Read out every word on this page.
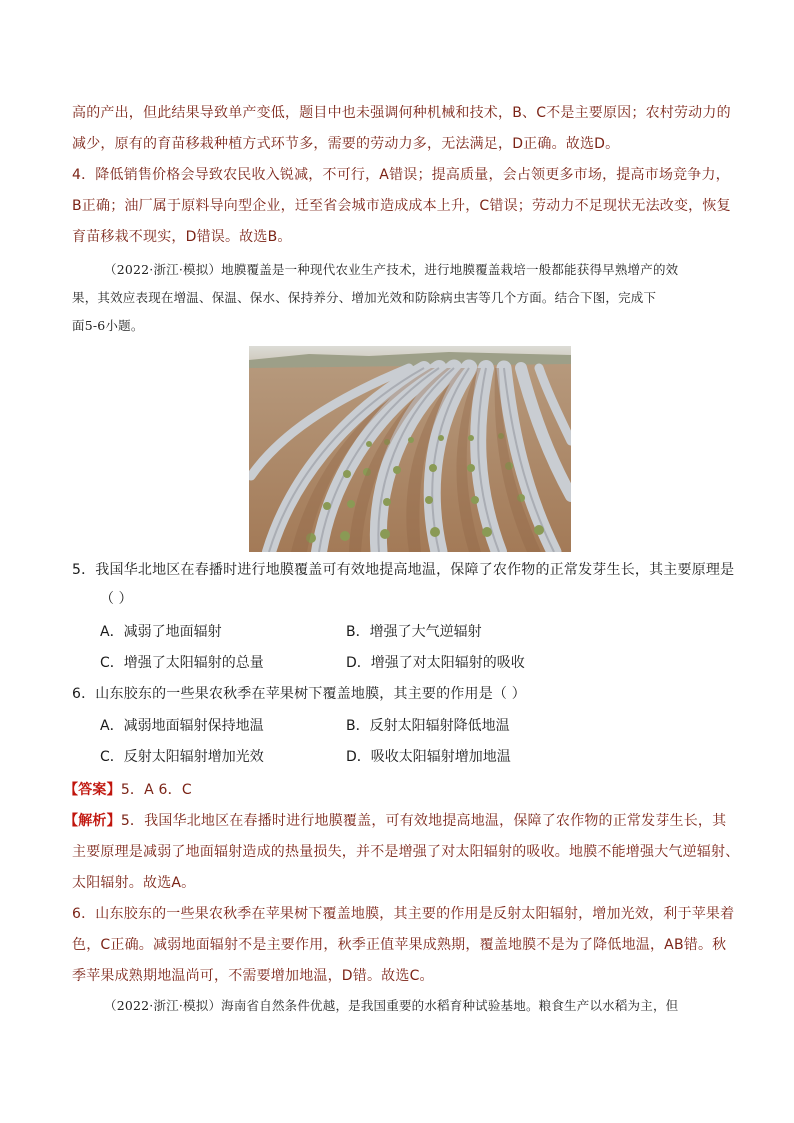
高的产出，但此结果导致单产变低，题目中也未强调何种机械和技术，B、C不是主要原因；农村劳动力的
减少，原有的育苗移栽种植方式环节多，需要的劳动力多，无法满足，D正确。故选D。
4．降低销售价格会导致农民收入锐减，不可行，A错误；提高质量，会占领更多市场，提高市场竞争力，
B正确；油厂属于原料导向型企业，迁至省会城市造成成本上升，C错误；劳动力不足现状无法改变，恢复
育苗移栽不现实，D错误。故选B。
（2022·浙江·模拟）地膜覆盖是一种现代农业生产技术，进行地膜覆盖栽培一般都能获得早熟增产的效
果，其效应表现在增温、保温、保水、保持养分、增加光效和防除病虫害等几个方面。结合下图，完成下
面5-6小题。
5．我国华北地区在春播时进行地膜覆盖可有效地提高地温，保障了农作物的正常发芽生长，其主要原理是
（ ）
A．减弱了地面辐射	B．增强了大气逆辐射
C．增强了太阳辐射的总量	D．增强了对太阳辐射的吸收
6．山东胶东的一些果农秋季在苹果树下覆盖地膜，其主要的作用是（ ）
A．减弱地面辐射保持地温	B．反射太阳辐射降低地温
C．反射太阳辐射增加光效	D．吸收太阳辐射增加地温
【答案】5．A 6．C
【解析】5．我国华北地区在春播时进行地膜覆盖，可有效地提高地温，保障了农作物的正常发芽生长，其
主要原理是减弱了地面辐射造成的热量损失，并不是增强了对太阳辐射的吸收。地膜不能增强大气逆辐射、
太阳辐射。故选A。
6．山东胶东的一些果农秋季在苹果树下覆盖地膜，其主要的作用是反射太阳辐射，增加光效，利于苹果着
色，C正确。减弱地面辐射不是主要作用，秋季正值苹果成熟期，覆盖地膜不是为了降低地温，AB错。秋
季苹果成熟期地温尚可，不需要增加地温，D错。故选C。
（2022·浙江·模拟）海南省自然条件优越，是我国重要的水稻育种试验基地。粮食生产以水稻为主，但
